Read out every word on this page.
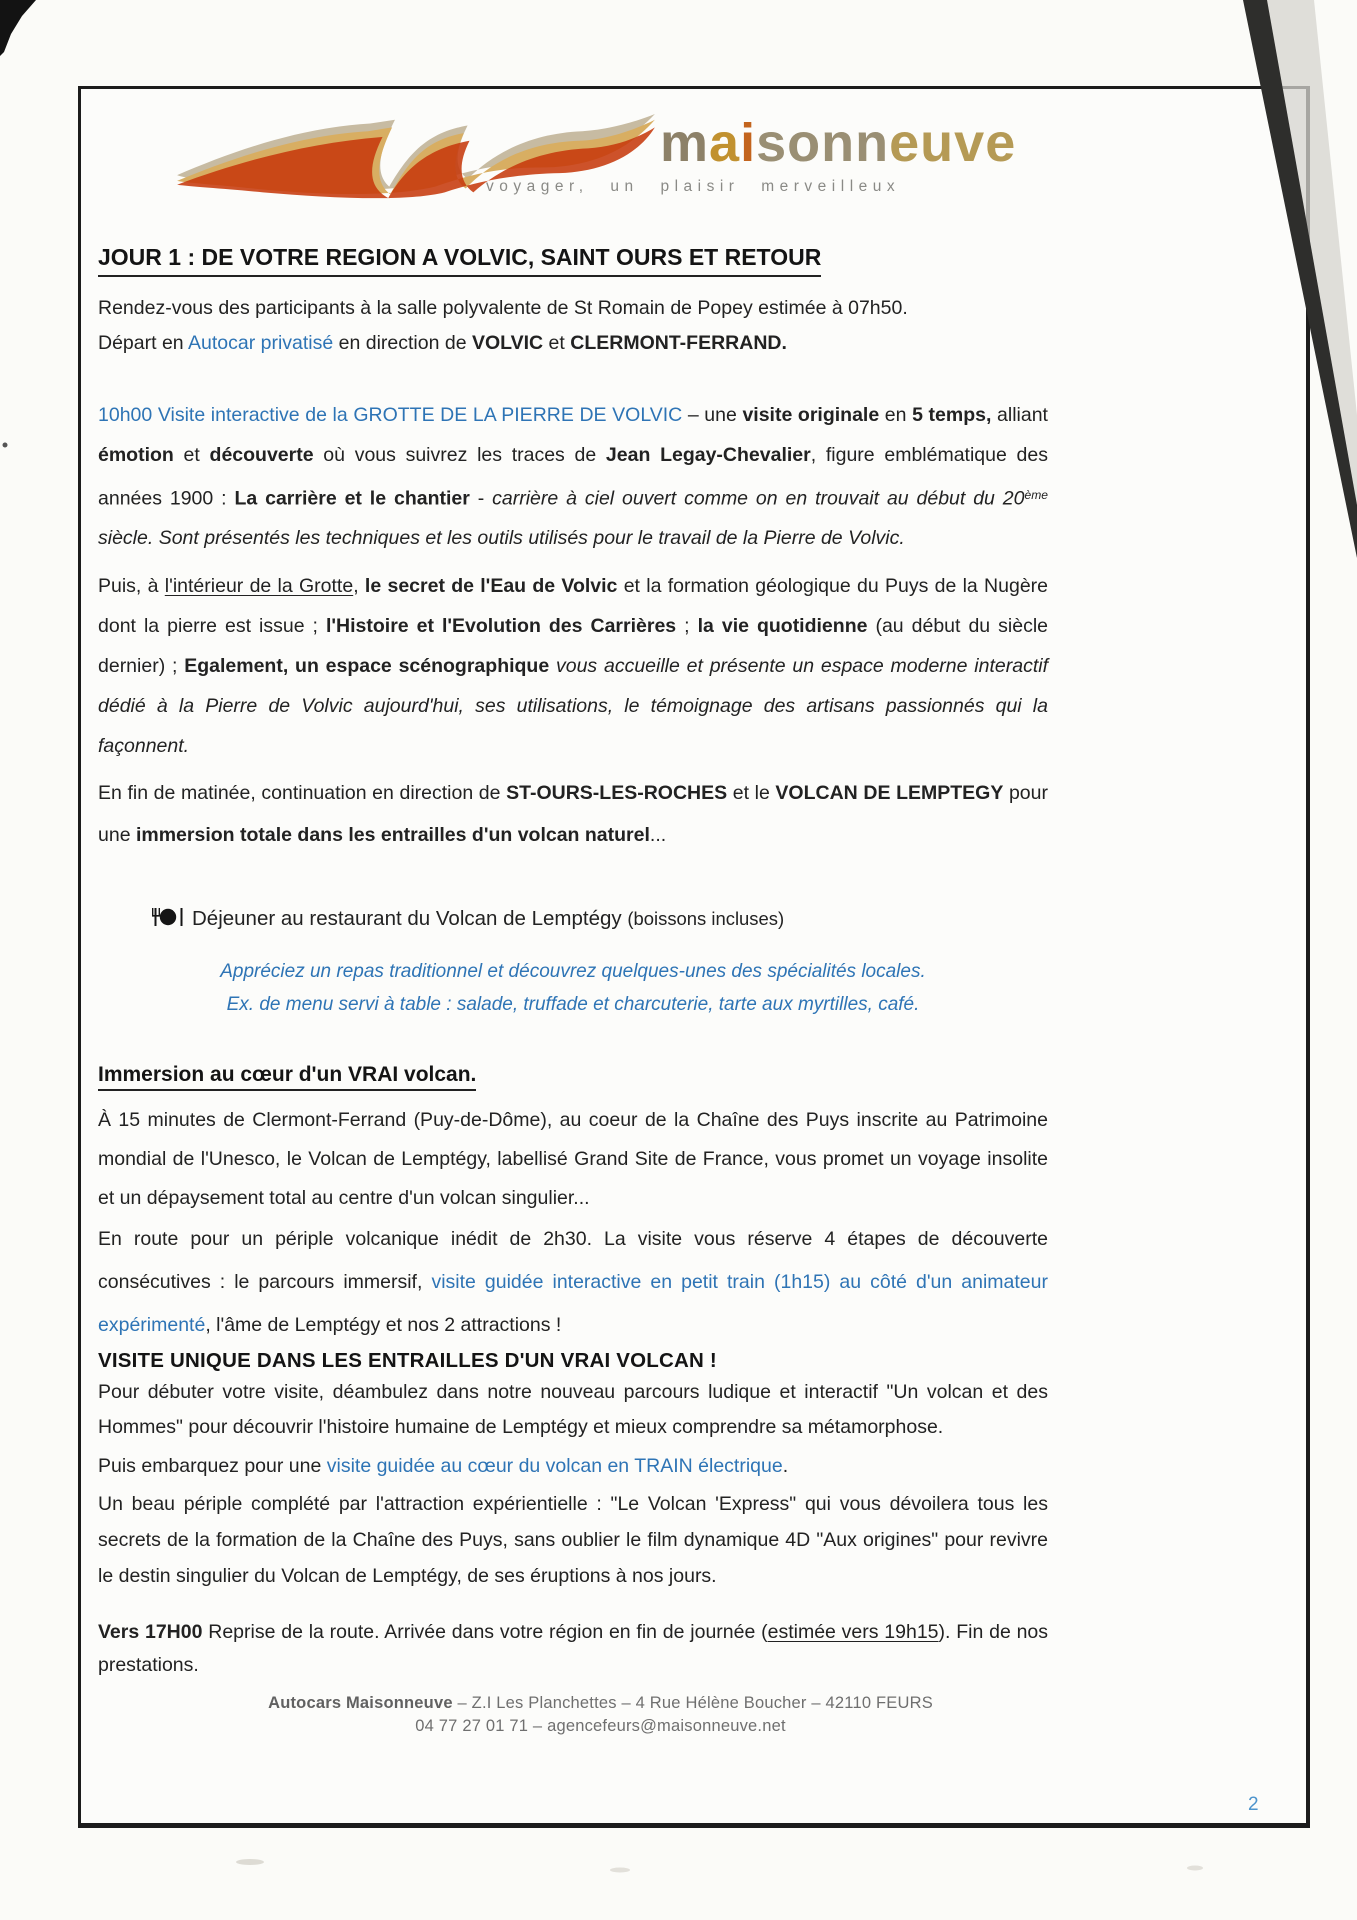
maisonneuve
voyager, un plaisir merveilleux
JOUR 1 : DE VOTRE REGION A VOLVIC, SAINT OURS ET RETOUR

Rendez-vous des participants à la salle polyvalente de St Romain de Popey estimée à 07h50.

Départ en Autocar privatisé en direction de VOLVIC et CLERMONT-FERRAND.

10h00 Visite interactive de la GROTTE DE LA PIERRE DE VOLVIC – une visite originale en 5 temps, alliant émotion et découverte où vous suivrez les traces de Jean Legay-Chevalier, figure emblématique des années 1900 : La carrière et le chantier - carrière à ciel ouvert comme on en trouvait au début du 20ème siècle. Sont présentés les techniques et les outils utilisés pour le travail de la Pierre de Volvic.

Puis, à l'intérieur de la Grotte, le secret de l'Eau de Volvic et la formation géologique du Puys de la Nugère dont la pierre est issue ; l'Histoire et l'Evolution des Carrières ; la vie quotidienne (au début du siècle dernier) ; Egalement, un espace scénographique vous accueille et présente un espace moderne interactif dédié à la Pierre de Volvic aujourd'hui, ses utilisations, le témoignage des artisans passionnés qui la façonnent.

En fin de matinée, continuation en direction de ST-OURS-LES-ROCHES et le VOLCAN DE LEMPTEGY pour une immersion totale dans les entrailles d'un volcan naturel...

Déjeuner au restaurant du Volcan de Lemptégy (boissons incluses)

Appréciez un repas traditionnel et découvrez quelques-unes des spécialités locales.

Ex. de menu servi à table : salade, truffade et charcuterie, tarte aux myrtilles, café.

Immersion au cœur d'un VRAI volcan.

À 15 minutes de Clermont-Ferrand (Puy-de-Dôme), au coeur de la Chaîne des Puys inscrite au Patrimoine mondial de l'Unesco, le Volcan de Lemptégy, labellisé Grand Site de France, vous promet un voyage insolite et un dépaysement total au centre d'un volcan singulier...

En route pour un périple volcanique inédit de 2h30. La visite vous réserve 4 étapes de découverte consécutives : le parcours immersif, visite guidée interactive en petit train (1h15) au côté d'un animateur expérimenté, l'âme de Lemptégy et nos 2 attractions !

VISITE UNIQUE DANS LES ENTRAILLES D'UN VRAI VOLCAN !

Pour débuter votre visite, déambulez dans notre nouveau parcours ludique et interactif "Un volcan et des Hommes" pour découvrir l'histoire humaine de Lemptégy et mieux comprendre sa métamorphose.

Puis embarquez pour une visite guidée au cœur du volcan en TRAIN électrique.

Un beau périple complété par l'attraction expérientielle : "Le Volcan 'Express" qui vous dévoilera tous les secrets de la formation de la Chaîne des Puys, sans oublier le film dynamique 4D "Aux origines" pour revivre le destin singulier du Volcan de Lemptégy, de ses éruptions à nos jours.

Vers 17H00 Reprise de la route. Arrivée dans votre région en fin de journée (estimée vers 19h15). Fin de nos prestations.

Autocars Maisonneuve – Z.I Les Planchettes – 4 Rue Hélène Boucher – 42110 FEURS
04 77 27 01 71 – agencefeurs@maisonneuve.net
2
